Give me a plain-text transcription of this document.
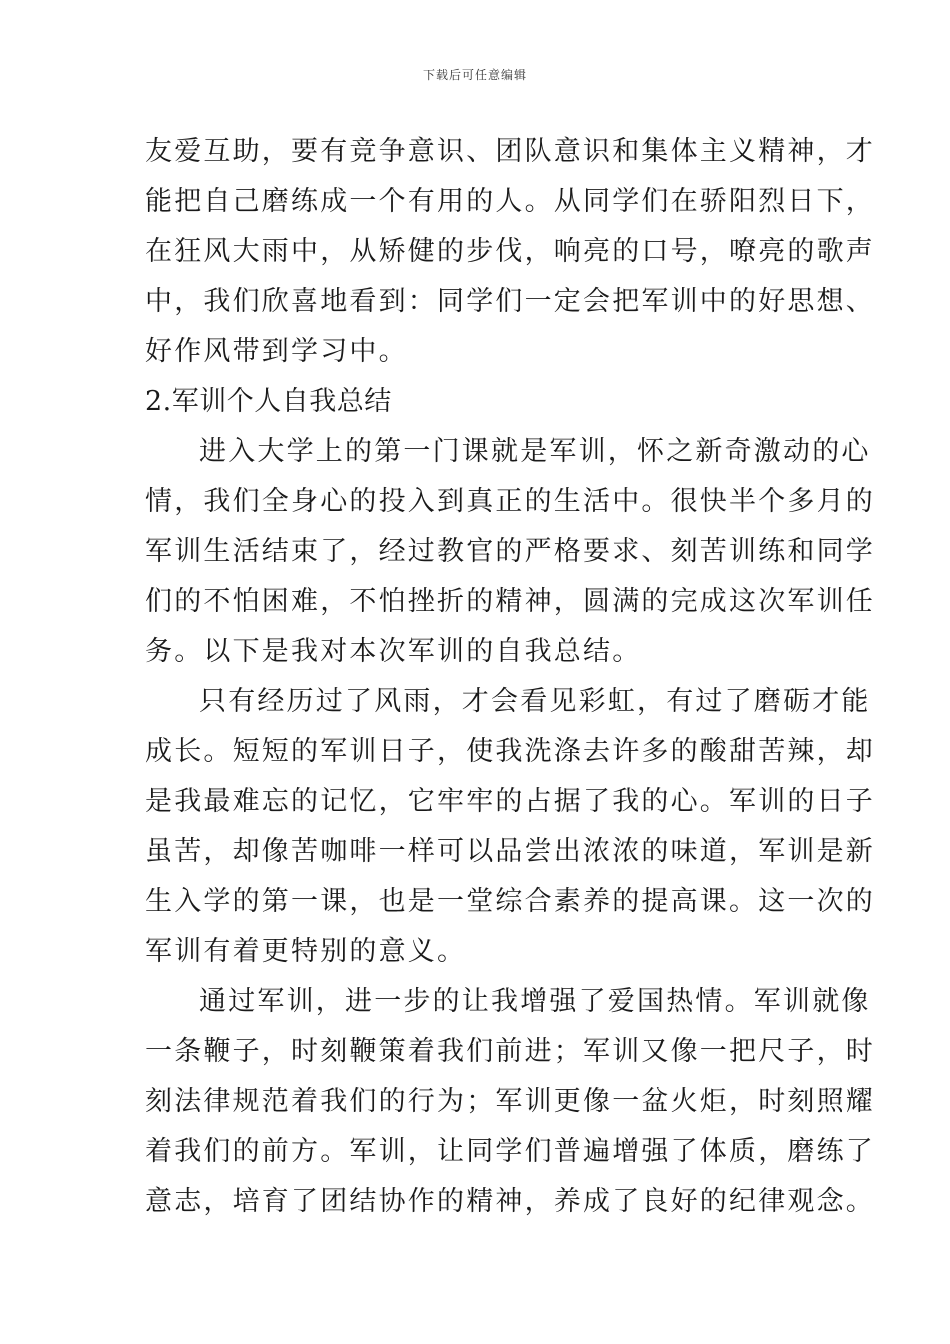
下载后可任意编辑
友爱互助，要有竞争意识、团队意识和集体主义精神，才
能把自己磨练成一个有用的人。从同学们在骄阳烈日下，
在狂风大雨中，从矫健的步伐，响亮的口号，嘹亮的歌声
中，我们欣喜地看到：同学们一定会把军训中的好思想、
好作风带到学习中。
2.军训个人自我总结
进入大学上的第一门课就是军训，怀之新奇激动的心
情，我们全身心的投入到真正的生活中。很快半个多月的
军训生活结束了，经过教官的严格要求、刻苦训练和同学
们的不怕困难，不怕挫折的精神，圆满的完成这次军训任
务。以下是我对本次军训的自我总结。
只有经历过了风雨，才会看见彩虹，有过了磨砺才能
成长。短短的军训日子，使我洗涤去许多的酸甜苦辣，却
是我最难忘的记忆，它牢牢的占据了我的心。军训的日子
虽苦，却像苦咖啡一样可以品尝出浓浓的味道，军训是新
生入学的第一课，也是一堂综合素养的提高课。这一次的
军训有着更特别的意义。
通过军训，进一步的让我增强了爱国热情。军训就像
一条鞭子，时刻鞭策着我们前进；军训又像一把尺子，时
刻法律规范着我们的行为；军训更像一盆火炬，时刻照耀
着我们的前方。军训，让同学们普遍增强了体质，磨练了
意志，培育了团结协作的精神，养成了良好的纪律观念。
